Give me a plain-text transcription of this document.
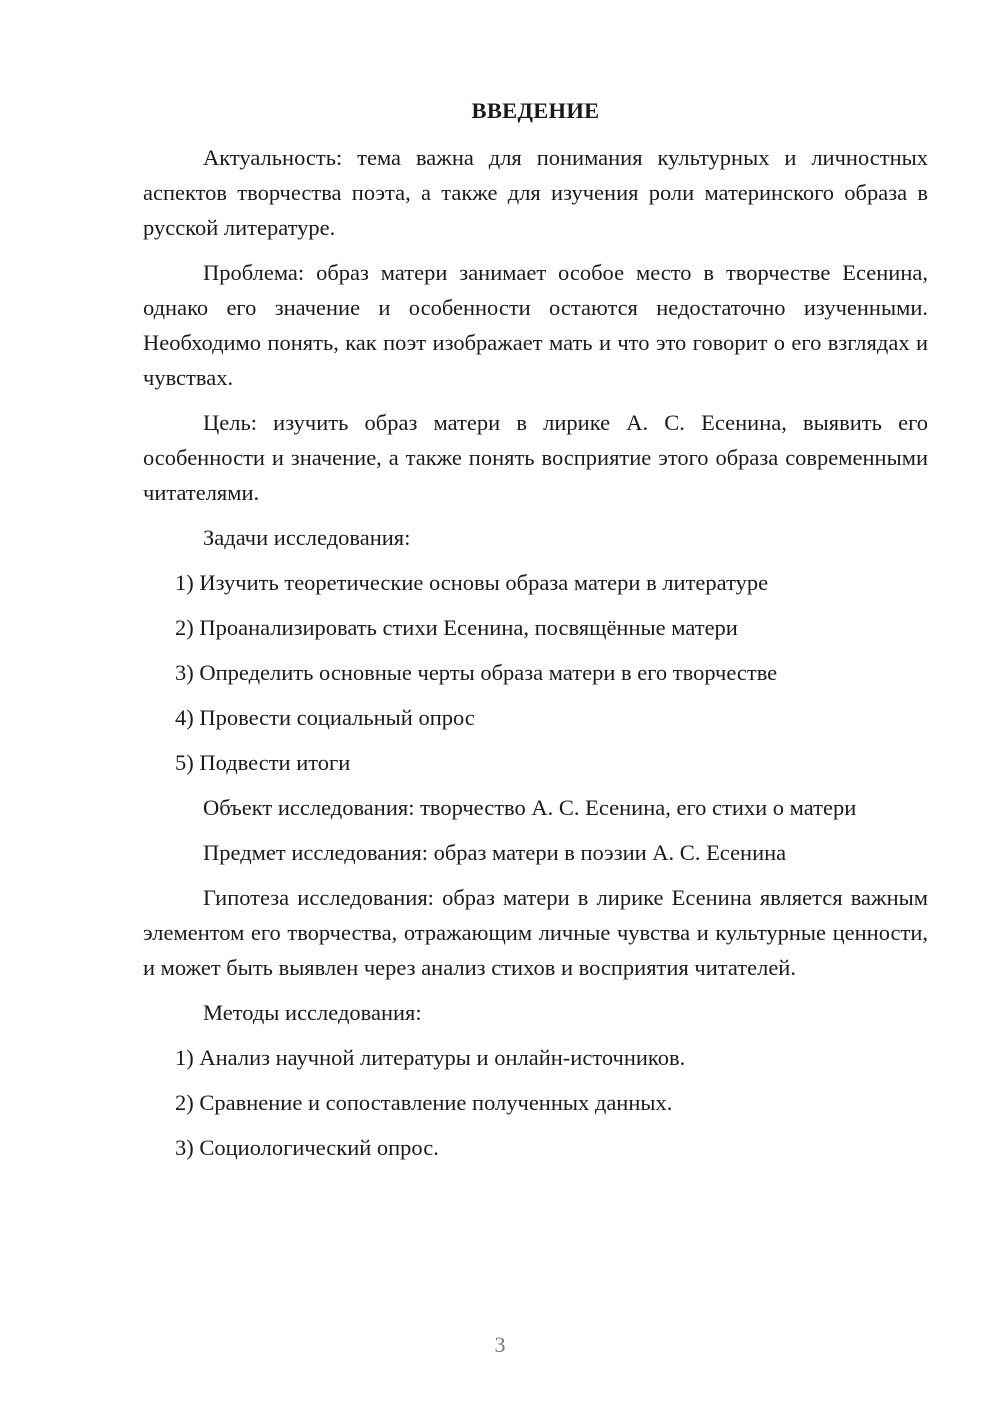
ВВЕДЕНИЕ

Актуальность: тема важна для понимания культурных и личностных аспектов творчества поэта, а также для изучения роли материнского образа в русской литературе.

Проблема: образ матери занимает особое место в творчестве Есенина, однако его значение и особенности остаются недостаточно изученными. Необходимо понять, как поэт изображает мать и что это говорит о его взглядах и чувствах.

Цель: изучить образ матери в лирике А. С. Есенина, выявить его особенности и значение, а также понять восприятие этого образа современными читателями.

Задачи исследования:

1) Изучить теоретические основы образа матери в литературе

2) Проанализировать стихи Есенина, посвящённые матери

3) Определить основные черты образа матери в его творчестве

4) Провести социальный опрос

5) Подвести итоги

Объект исследования: творчество А. С. Есенина, его стихи о матери

Предмет исследования: образ матери в поэзии А. С. Есенина

Гипотеза исследования: образ матери в лирике Есенина является важным элементом его творчества, отражающим личные чувства и культурные ценности, и может быть выявлен через анализ стихов и восприятия читателей.

Методы исследования:

1) Анализ научной литературы и онлайн-источников.

2) Сравнение и сопоставление полученных данных.

3) Социологический опрос.

3
